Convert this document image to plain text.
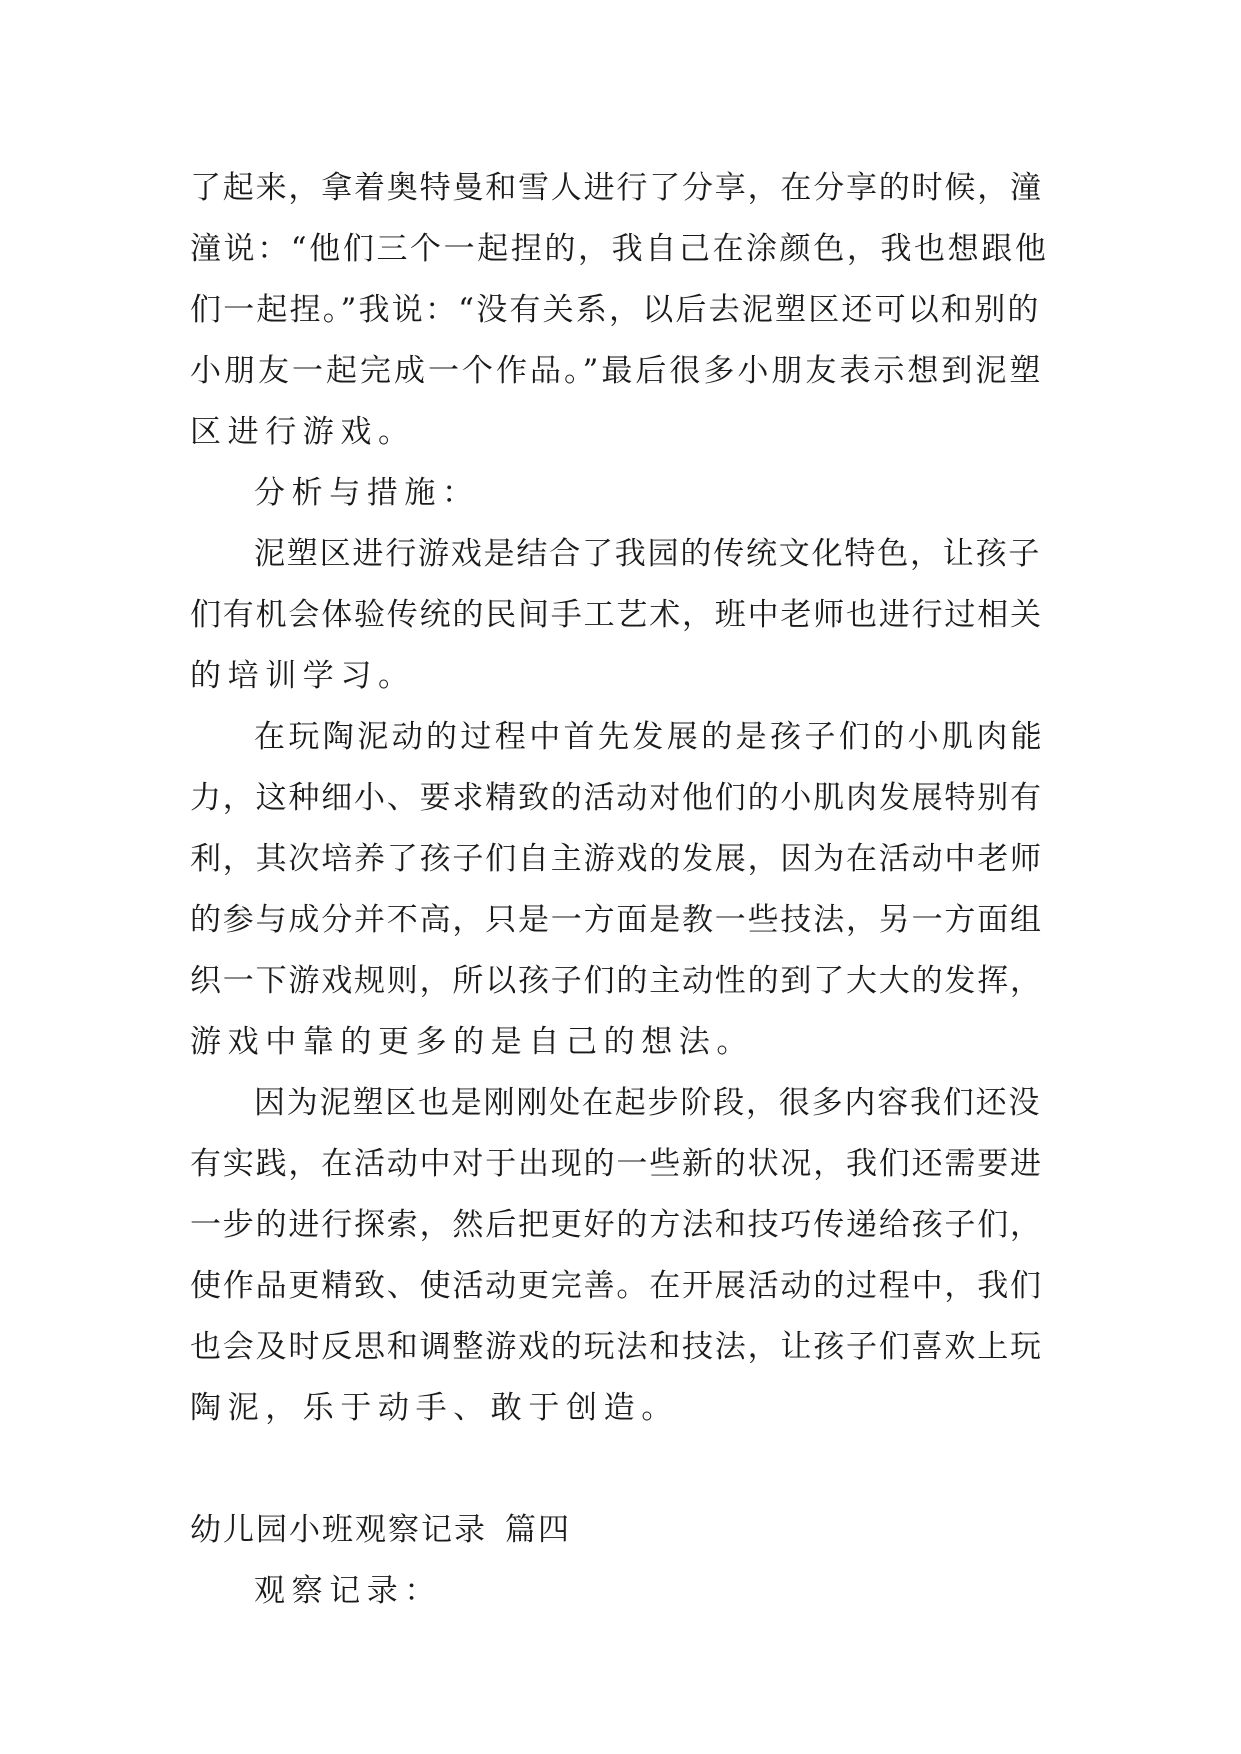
了起来，拿着奥特曼和雪人进行了分享，在分享的时候，潼
潼说：“他们三个一起捏的，我自己在涂颜色，我也想跟他
们一起捏。”我说：“没有关系，以后去泥塑区还可以和别的
小朋友一起完成一个作品。”最后很多小朋友表示想到泥塑
区进行游戏。
分析与措施：
泥塑区进行游戏是结合了我园的传统文化特色，让孩子
们有机会体验传统的民间手工艺术，班中老师也进行过相关
的培训学习。
在玩陶泥动的过程中首先发展的是孩子们的小肌肉能
力，这种细小、要求精致的活动对他们的小肌肉发展特别有
利，其次培养了孩子们自主游戏的发展，因为在活动中老师
的参与成分并不高，只是一方面是教一些技法，另一方面组
织一下游戏规则，所以孩子们的主动性的到了大大的发挥，
游戏中靠的更多的是自己的想法。
因为泥塑区也是刚刚处在起步阶段，很多内容我们还没
有实践，在活动中对于出现的一些新的状况，我们还需要进
一步的进行探索，然后把更好的方法和技巧传递给孩子们，
使作品更精致、使活动更完善。在开展活动的过程中，我们
也会及时反思和调整游戏的玩法和技法，让孩子们喜欢上玩
陶泥，乐于动手、敢于创造。
幼儿园小班观察记录 篇四
观察记录：
